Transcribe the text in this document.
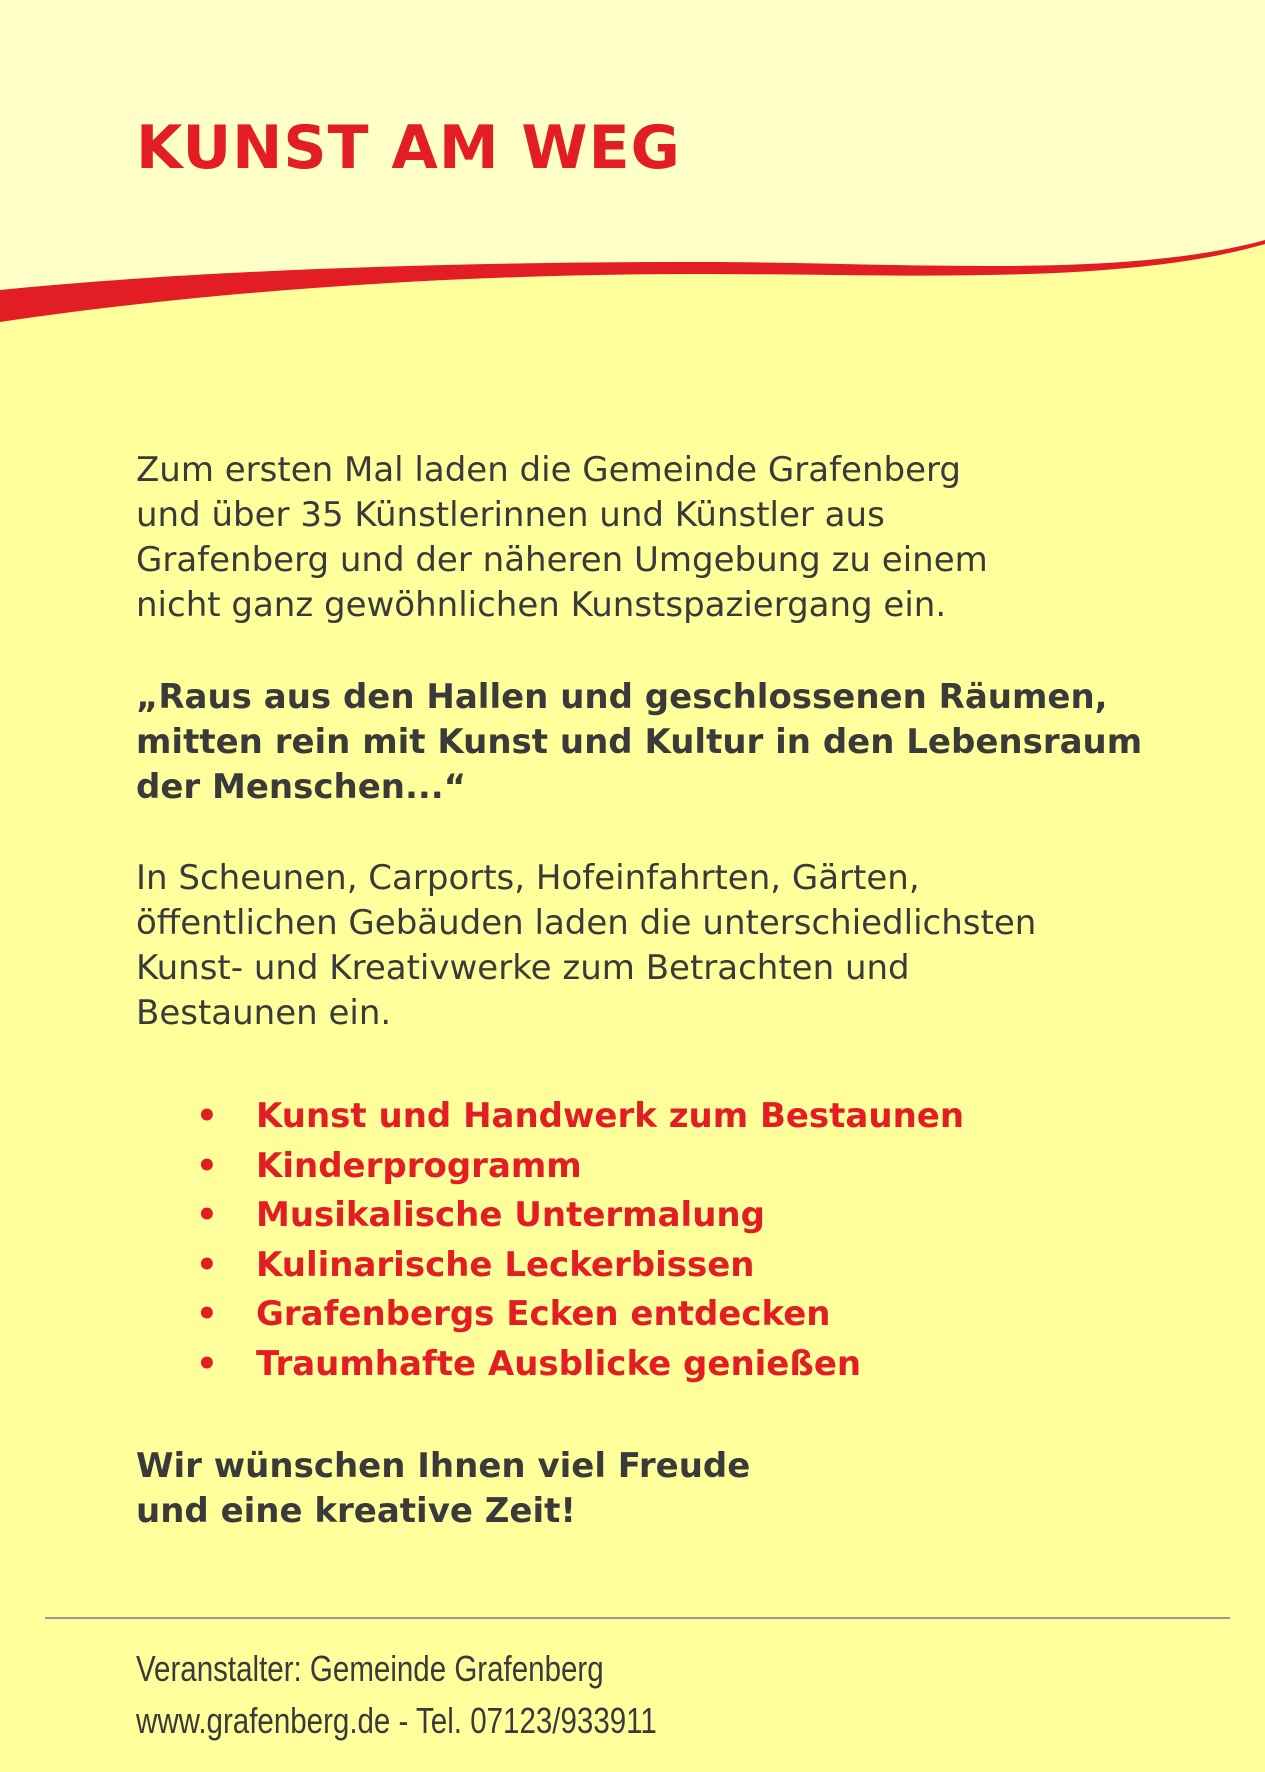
KUNST AM WEG

Zum ersten Mal laden die Gemeinde Grafenberg
und über 35 Künstlerinnen und Künstler aus
Grafenberg und der näheren Umgebung zu einem
nicht ganz gewöhnlichen Kunstspaziergang ein.

„Raus aus den Hallen und geschlossenen Räumen,
mitten rein mit Kunst und Kultur in den Lebensraum
der Menschen...“

In Scheunen, Carports, Hofeinfahrten, Gärten,
öffentlichen Gebäuden laden die unterschiedlichsten
Kunst- und Kreativwerke zum Betrachten und
Bestaunen ein.

• Kunst und Handwerk zum Bestaunen
• Kinderprogramm
• Musikalische Untermalung
• Kulinarische Leckerbissen
• Grafenbergs Ecken entdecken
• Traumhafte Ausblicke genießen

Wir wünschen Ihnen viel Freude
und eine kreative Zeit!

Veranstalter: Gemeinde Grafenberg

www.grafenberg.de - Tel. 07123/933911
